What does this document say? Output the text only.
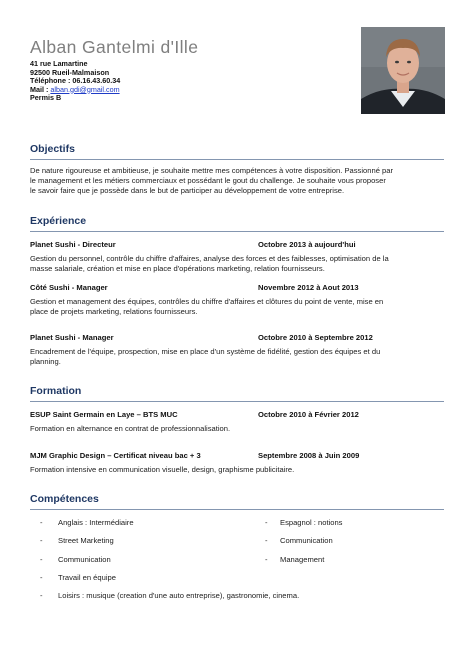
Alban Gantelmi d'Ille
41 rue Lamartine
92500 Rueil-Malmaison
Téléphone : 06.16.43.60.34
Mail : alban.gdi@gmail.com
Permis B
Objectifs
De nature rigoureuse et ambitieuse, je souhaite mettre mes compétences à votre disposition. Passionné par
le management et les métiers commerciaux et possédant le gout du challenge. Je souhaite vous proposer
le savoir faire que je possède dans le but de participer au développement de votre entreprise.
Expérience
Planet Sushi - Directeur	Octobre 2013 à aujourd'hui
Gestion du personnel, contrôle du chiffre d'affaires, analyse des forces et des faiblesses, optimisation de la
masse salariale, création et mise en place d'opérations marketing, relation fournisseurs.
Côté Sushi - Manager	Novembre 2012 à Aout 2013
Gestion et management des équipes, contrôles du chiffre d'affaires et clôtures du point de vente, mise en
place de projets marketing, relations fournisseurs.
Planet Sushi - Manager	Octobre 2010 à Septembre 2012
Encadrement de l'équipe, prospection, mise en place d'un système de fidélité, gestion des équipes et du
planning.
Formation
ESUP Saint Germain en Laye – BTS MUC	Octobre 2010 à Février 2012
Formation en alternance en contrat de professionnalisation.
MJM Graphic Design – Certificat niveau bac + 3	Septembre 2008 à Juin 2009
Formation intensive en communication visuelle, design, graphisme publicitaire.
Compétences
- Anglais : Intermédiaire	- Espagnol : notions
- Street Marketing	- Communication
- Communication	- Management
- Travail en équipe
- Loisirs : musique (creation d'une auto entreprise), gastronomie, cinema.
